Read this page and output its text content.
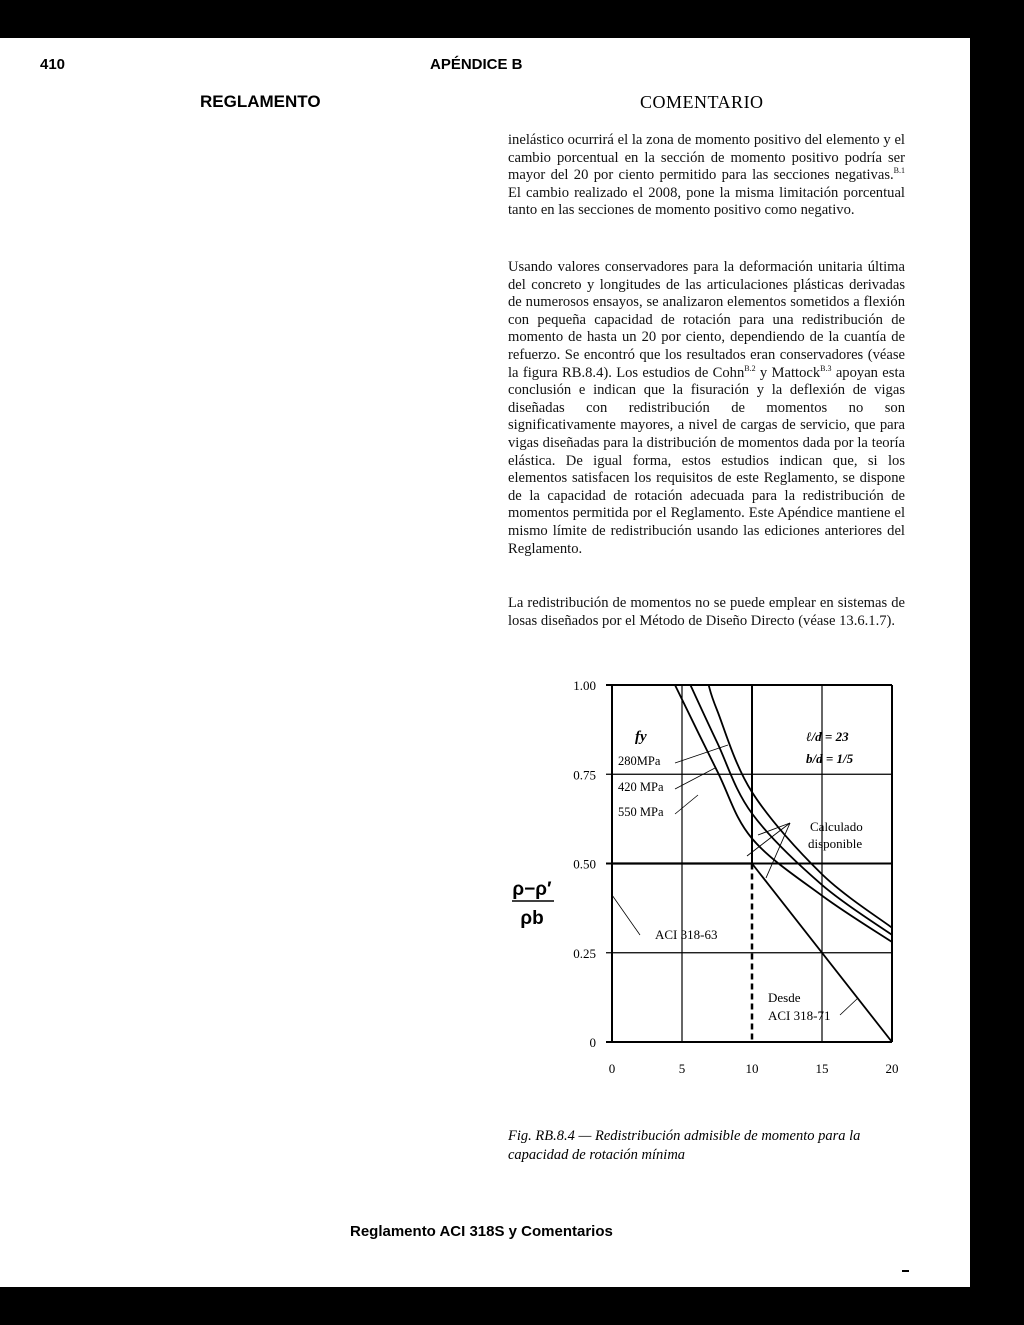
410	APÉNDICE B
REGLAMENTO	COMENTARIO
inelástico ocurrirá el la zona de momento positivo del elemento y el cambio porcentual en la sección de momento positivo podría ser mayor del 20 por ciento permitido para las secciones negativas.$^{B.1}$ El cambio realizado el 2008, pone la misma limitación porcentual tanto en las secciones de momento positivo como negativo.
Usando valores conservadores para la deformación unitaria última del concreto y longitudes de las articulaciones plásticas derivadas de numerosos ensayos, se analizaron elementos sometidos a flexión con pequeña capacidad de rotación para una redistribución de momento de hasta un 20 por ciento, dependiendo de la cuantía de refuerzo. Se encontró que los resultados eran conservadores (véase la figura RB.8.4). Los estudios de Cohn$^{B.2}$ y Mattock$^{B.3}$ apoyan esta conclusión e indican que la fisuración y la deflexión de vigas diseñadas con redistribución de momentos no son significativamente mayores, a nivel de cargas de servicio, que para vigas diseñadas para la distribución de momentos dada por la teoría elástica. De igual forma, estos estudios indican que, si los elementos satisfacen los requisitos de este Reglamento, se dispone de la capacidad de rotación adecuada para la redistribución de momentos permitida por el Reglamento. Este Apéndice mantiene el mismo límite de redistribución usando las ediciones anteriores del Reglamento.
La redistribución de momentos no se puede emplear en sistemas de losas diseñados por el Método de Diseño Directo (véase 13.6.1.7).
0	5	10	15	20
0
0.25
0.50
0.75
1.00
fy
280MPa
420 MPa
550 MPa
ℓ/d = 23
b/d = 1/5
Calculado
disponible
ACI 318-63
Desde
ACI 318-71
ρ−ρ′
ρb
Fig. RB.8.4 — Redistribución admisible de momento para la capacidad de rotación mínima
Reglamento ACI 318S y Comentarios
